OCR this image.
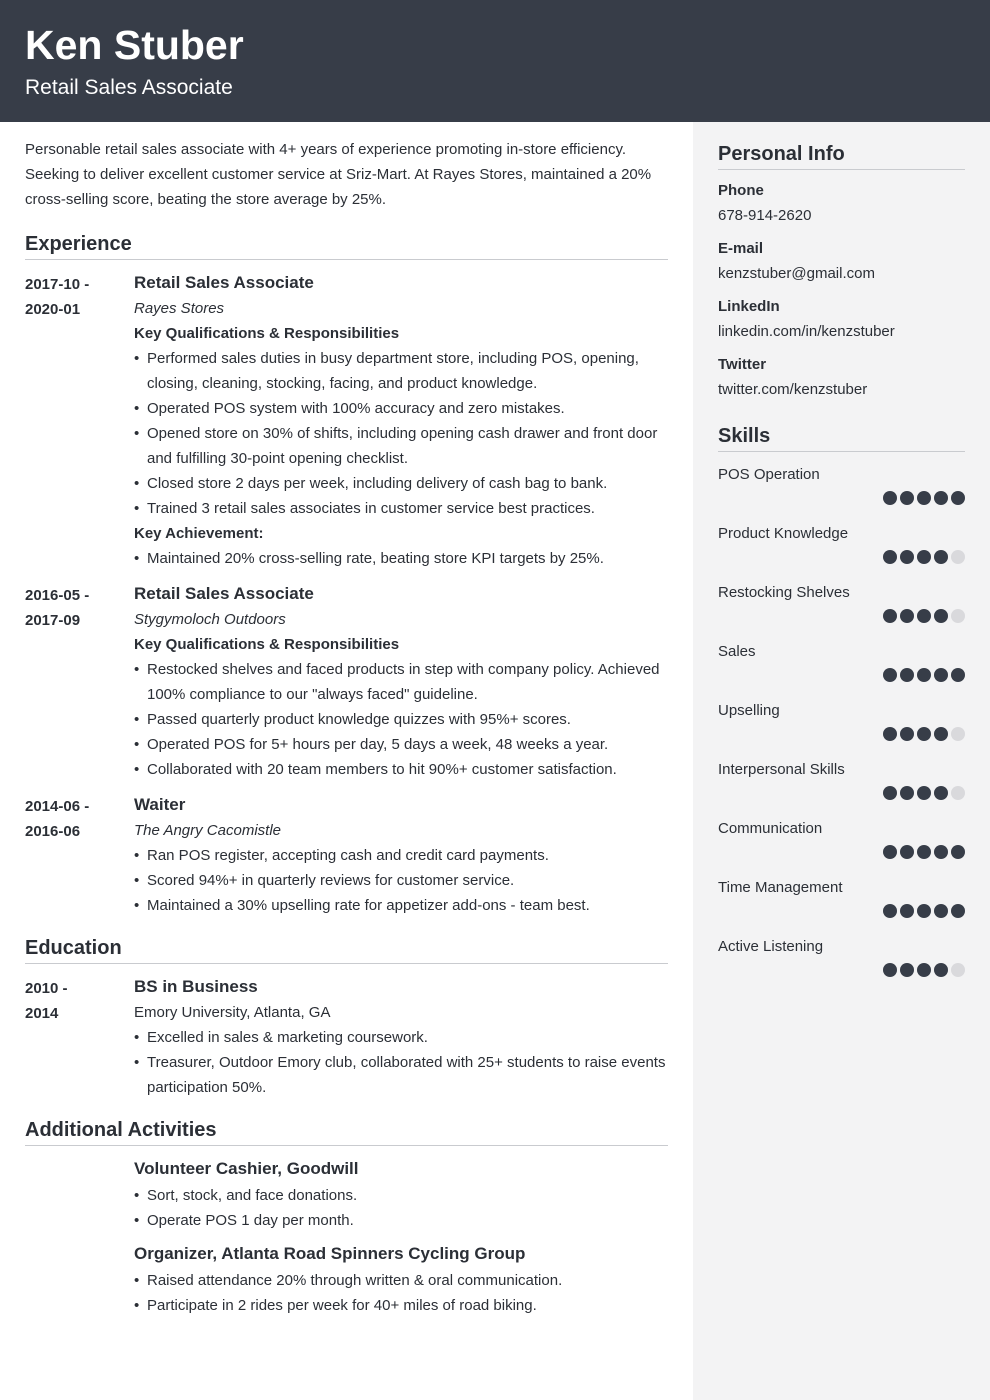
Ken Stuber
Retail Sales Associate

Personable retail sales associate with 4+ years of experience promoting in-store efficiency. Seeking to deliver excellent customer service at Sriz-Mart. At Rayes Stores, maintained a 20% cross-selling score, beating the store average by 25%.

Experience
2017-10 -
2020-01
Retail Sales Associate
Rayes Stores
Key Qualifications & Responsibilities
• Performed sales duties in busy department store, including POS, opening, closing, cleaning, stocking, facing, and product knowledge.
• Operated POS system with 100% accuracy and zero mistakes.
• Opened store on 30% of shifts, including opening cash drawer and front door and fulfilling 30-point opening checklist.
• Closed store 2 days per week, including delivery of cash bag to bank.
• Trained 3 retail sales associates in customer service best practices.
Key Achievement:
• Maintained 20% cross-selling rate, beating store KPI targets by 25%.
2016-05 -
2017-09
Retail Sales Associate
Stygymoloch Outdoors
Key Qualifications & Responsibilities
• Restocked shelves and faced products in step with company policy. Achieved 100% compliance to our "always faced" guideline.
• Passed quarterly product knowledge quizzes with 95%+ scores.
• Operated POS for 5+ hours per day, 5 days a week, 48 weeks a year.
• Collaborated with 20 team members to hit 90%+ customer satisfaction.
2014-06 -
2016-06
Waiter
The Angry Cacomistle
• Ran POS register, accepting cash and credit card payments.
• Scored 94%+ in quarterly reviews for customer service.
• Maintained a 30% upselling rate for appetizer add-ons - team best.
Education
2010 -
2014
BS in Business
Emory University, Atlanta, GA
• Excelled in sales & marketing coursework.
• Treasurer, Outdoor Emory club, collaborated with 25+ students to raise events participation 50%.
Additional Activities
Volunteer Cashier, Goodwill
• Sort, stock, and face donations.
• Operate POS 1 day per month.
Organizer, Atlanta Road Spinners Cycling Group
• Raised attendance 20% through written & oral communication.
• Participate in 2 rides per week for 40+ miles of road biking.
Personal Info
Phone
678-914-2620
E-mail
kenzstuber@gmail.com
LinkedIn
linkedin.com/in/kenzstuber
Twitter
twitter.com/kenzstuber
Skills
POS Operation
Product Knowledge
Restocking Shelves
Sales
Upselling
Interpersonal Skills
Communication
Time Management
Active Listening
